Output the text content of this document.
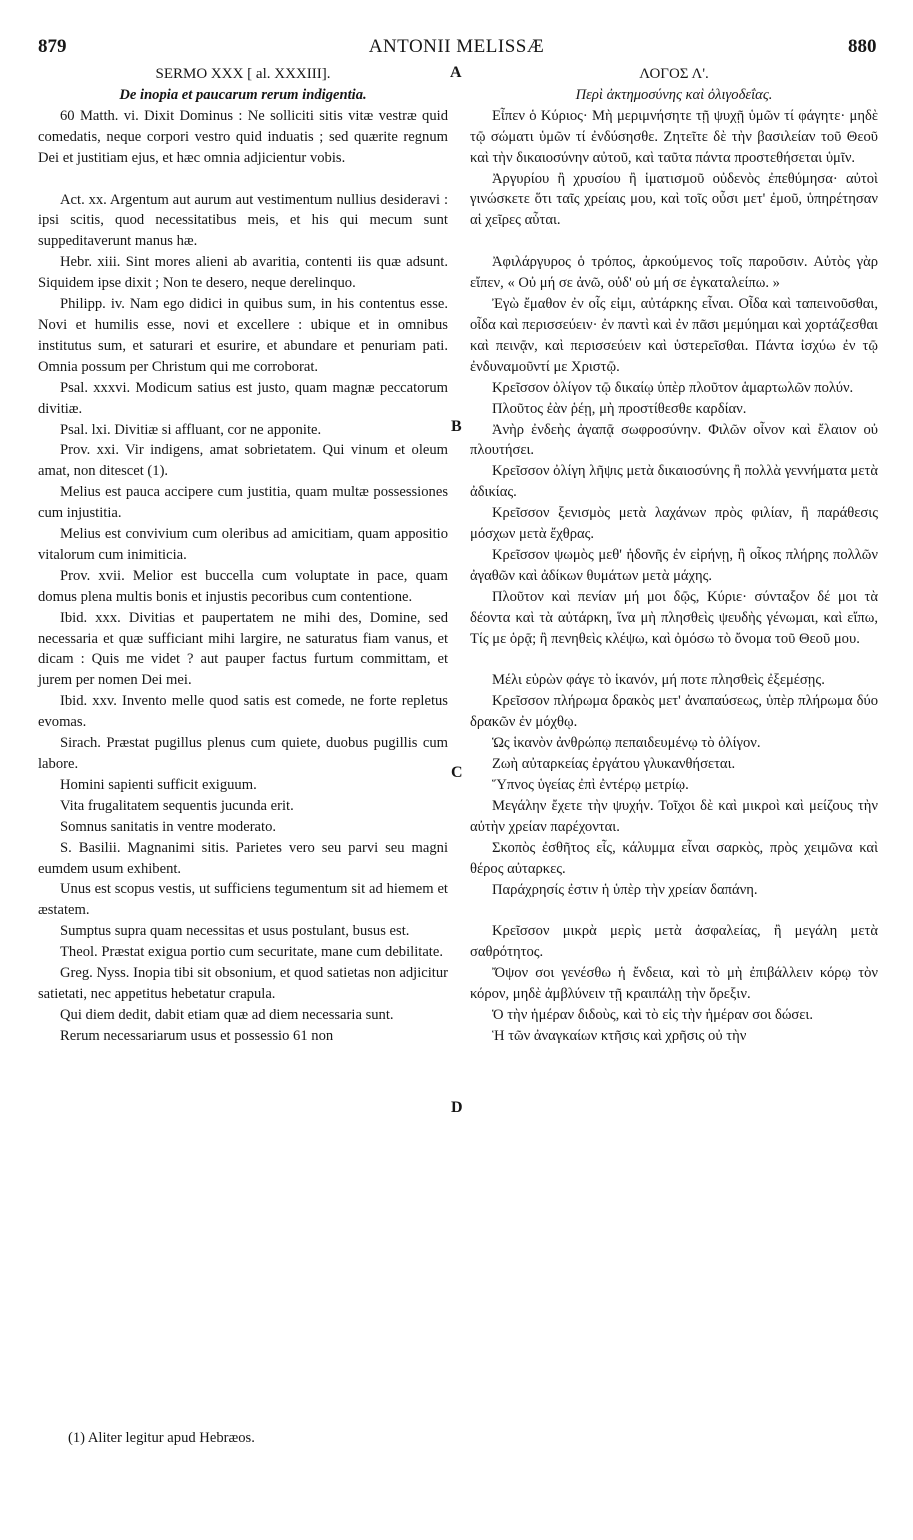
879	ANTONII MELISSÆ	880
A
B
C
D

SERMO XXX [ al. XXXIII].

De inopia et paucarum rerum indigentia.

60 Matth. vi. Dixit Dominus : Ne solliciti sitis vitæ vestræ quid comedatis, neque corpori vestro quid induatis ; sed quærite regnum Dei et justitiam ejus, et hæc omnia adjicientur vobis.

Act. xx. Argentum aut aurum aut vestimentum nullius desideravi : ipsi scitis, quod necessitatibus meis, et his qui mecum sunt suppeditaverunt manus hæ.

Hebr. xiii. Sint mores alieni ab avaritia, contenti iis quæ adsunt. Siquidem ipse dixit ; Non te desero, neque derelinquo.

Philipp. iv. Nam ego didici in quibus sum, in his contentus esse. Novi et humilis esse, novi et excellere : ubique et in omnibus institutus sum, et saturari et esurire, et abundare et penuriam pati. Omnia possum per Christum qui me corroborat.

Psal. xxxvi. Modicum satius est justo, quam magnæ peccatorum divitiæ.

Psal. lxi. Divitiæ si affluant, cor ne apponite.

Prov. xxi. Vir indigens, amat sobrietatem. Qui vinum et oleum amat, non ditescet (1).

Melius est pauca accipere cum justitia, quam multæ possessiones cum injustitia.

Melius est convivium cum oleribus ad amicitiam, quam appositio vitalorum cum inimiticia.

Prov. xvii. Melior est buccella cum voluptate in pace, quam domus plena multis bonis et injustis pecoribus cum contentione.

Ibid. xxx. Divitias et paupertatem ne mihi des, Domine, sed necessaria et quæ sufficiant mihi largire, ne saturatus fiam vanus, et dicam : Quis me videt ? aut pauper factus furtum committam, et jurem per nomen Dei mei.

Ibid. xxv. Invento melle quod satis est comede, ne forte repletus evomas.

Sirach. Præstat pugillus plenus cum quiete, duobus pugillis cum labore.

Homini sapienti sufficit exiguum.

Vita frugalitatem sequentis jucunda erit.

Somnus sanitatis in ventre moderato.

S. Basilii. Magnanimi sitis. Parietes vero seu parvi seu magni eumdem usum exhibent.

Unus est scopus vestis, ut sufficiens tegumentum sit ad hiemem et æstatem.

Sumptus supra quam necessitas et usus postulant, busus est.

Theol. Præstat exigua portio cum securitate, mane cum debilitate.

Greg. Nyss. Inopia tibi sit obsonium, et quod satietas non adjicitur satietati, nec appetitus hebetatur crapula.

Qui diem dedit, dabit etiam quæ ad diem necessaria sunt.

Rerum necessariarum usus et possessio 61 non

ΛΟΓΟΣ Λ'.

Περὶ ἀκτημοσύνης καὶ ὀλιγοδεΐας.

Εἶπεν ὁ Κύριος· Μὴ μεριμνήσητε τῇ ψυχῇ ὑμῶν τί φάγητε· μηδὲ τῷ σώματι ὑμῶν τί ἐνδύσησθε. Ζητεῖτε δὲ τὴν βασιλείαν τοῦ Θεοῦ καὶ τὴν δικαιοσύνην αὐτοῦ, καὶ ταῦτα πάντα προστεθήσεται ὑμῖν.

Ἀργυρίου ἢ χρυσίου ἢ ἱματισμοῦ οὐδενὸς ἐπεθύμησα· αὐτοὶ γινώσκετε ὅτι ταῖς χρείαις μου, καὶ τοῖς οὖσι μετ' ἐμοῦ, ὑπηρέτησαν αἱ χεῖρες αὗται.

Ἀφιλάργυρος ὁ τρόπος, ἀρκούμενος τοῖς παροῦσιν. Αὐτὸς γὰρ εἴπεν, « Οὐ μή σε ἀνῶ, οὐδ' οὐ μή σε ἐγκαταλείπω. »

Ἐγὼ ἔμαθον ἐν οἷς εἰμι, αὐτάρκης εἶναι. Οἶδα καὶ ταπεινοῦσθαι, οἶδα καὶ περισσεύειν· ἐν παντὶ καὶ ἐν πᾶσι μεμύημαι καὶ χορτάζεσθαι καὶ πεινᾷν, καὶ περισσεύειν καὶ ὑστερεῖσθαι. Πάντα ἰσχύω ἐν τῷ ἐνδυναμοῦντί με Χριστῷ.

Κρεῖσσον ὀλίγον τῷ δικαίῳ ὑπὲρ πλοῦτον ἁμαρτωλῶν πολύν.

Πλοῦτος ἐὰν ῥέῃ, μὴ προστίθεσθε καρδίαν.

Ἀνὴρ ἐνδεὴς ἀγαπᾷ σωφροσύνην. Φιλῶν οἶνον καὶ ἔλαιον οὐ πλουτήσει.

Κρεῖσσον ὀλίγη λῆψις μετὰ δικαιοσύνης ἢ πολλὰ γεννήματα μετὰ ἀδικίας.

Κρεῖσσον ξενισμὸς μετὰ λαχάνων πρὸς φιλίαν, ἢ παράθεσις μόσχων μετὰ ἔχθρας.

Κρεῖσσον ψωμὸς μεθ' ἡδονῆς ἐν εἰρήνῃ, ἢ οἶκος πλήρης πολλῶν ἀγαθῶν καὶ ἀδίκων θυμάτων μετὰ μάχης.

Πλοῦτον καὶ πενίαν μή μοι δῷς, Κύριε· σύνταξον δέ μοι τὰ δέοντα καὶ τὰ αὐτάρκη, ἵνα μὴ πλησθεὶς ψευδὴς γένωμαι, καὶ εἴπω, Τίς με ὁρᾷ; ἢ πενηθεὶς κλέψω, καὶ ὀμόσω τὸ ὄνομα τοῦ Θεοῦ μου.

Μέλι εὑρὼν φάγε τὸ ἱκανόν, μή ποτε πλησθεὶς ἐξεμέσῃς.

Κρεῖσσον πλήρωμα δρακὸς μετ' ἀναπαύσεως, ὑπὲρ πλήρωμα δύο δρακῶν ἐν μόχθῳ.

Ὡς ἱκανὸν ἀνθρώπῳ πεπαιδευμένῳ τὸ ὀλίγον.

Ζωὴ αὐταρκείας ἐργάτου γλυκανθήσεται.

Ὕπνος ὑγείας ἐπὶ ἐντέρῳ μετρίῳ.

Μεγάλην ἔχετε τὴν ψυχήν. Τοῖχοι δὲ καὶ μικροὶ καὶ μείζους τὴν αὐτὴν χρείαν παρέχονται.

Σκοπὸς ἐσθῆτος εἷς, κάλυμμα εἶναι σαρκὸς, πρὸς χειμῶνα καὶ θέρος αὐταρκες.

Παράχρησίς ἐστιν ἡ ὑπὲρ τὴν χρείαν δαπάνη.

Κρεῖσσον μικρὰ μερὶς μετὰ ἀσφαλείας, ἢ μεγάλη μετὰ σαθρότητος.

Ὄψον σοι γενέσθω ἡ ἔνδεια, καὶ τὸ μὴ ἐπιβάλλειν κόρῳ τὸν κόρον, μηδὲ ἀμβλύνειν τῇ κραιπάλῃ τὴν ὄρεξιν.

Ὁ τὴν ἡμέραν διδοὺς, καὶ τὸ εἰς τὴν ἡμέραν σοι δώσει.

Ἡ τῶν ἀναγκαίων κτῆσις καὶ χρῆσις οὐ τὴν

(1) Aliter legitur apud Hebræos.
